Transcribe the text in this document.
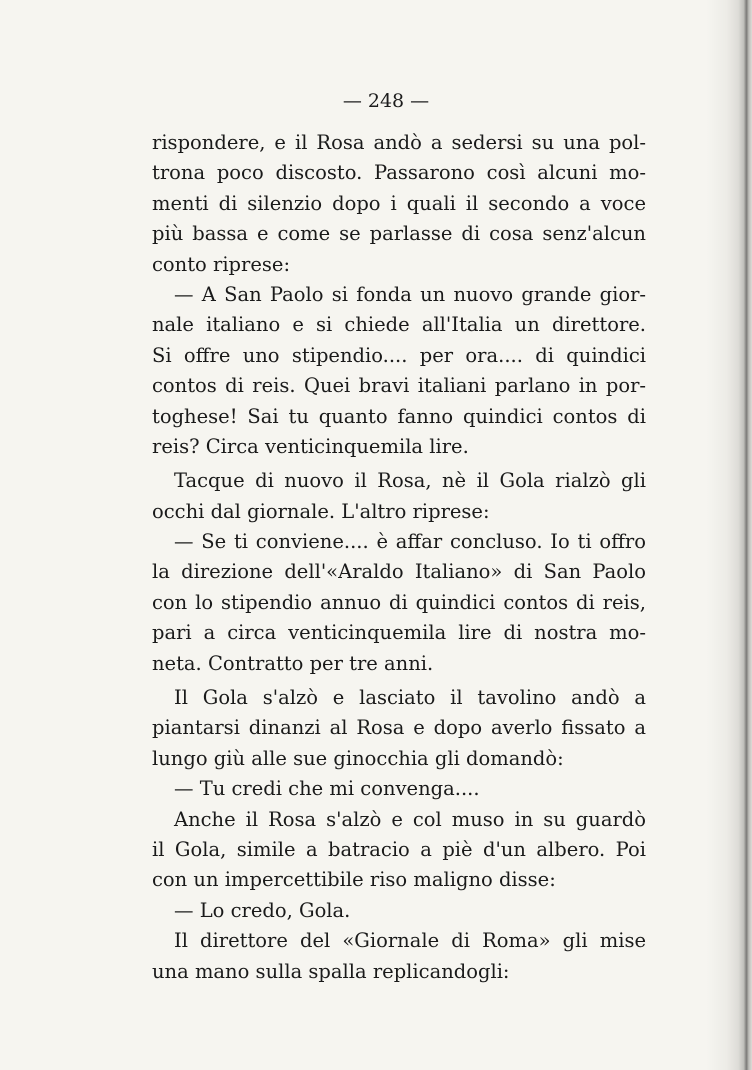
— 248 —
rispondere, e il Rosa andò a sedersi su una pol-
trona poco discosto. Passarono così alcuni mo-
menti di silenzio dopo i quali il secondo a voce
più bassa e come se parlasse di cosa senz'alcun
conto riprese:
— A San Paolo si fonda un nuovo grande gior-
nale italiano e si chiede all'Italia un direttore.
Si offre uno stipendio.... per ora.... di quindici
contos di reis. Quei bravi italiani parlano in por-
toghese! Sai tu quanto fanno quindici contos di
reis? Circa venticinquemila lire.
Tacque di nuovo il Rosa, nè il Gola rialzò gli
occhi dal giornale. L'altro riprese:
— Se ti conviene.... è affar concluso. Io ti offro
la direzione dell'«Araldo Italiano» di San Paolo
con lo stipendio annuo di quindici contos di reis,
pari a circa venticinquemila lire di nostra mo-
neta. Contratto per tre anni.
Il Gola s'alzò e lasciato il tavolino andò a
piantarsi dinanzi al Rosa e dopo averlo fissato a
lungo giù alle sue ginocchia gli domandò:
— Tu credi che mi convenga....
Anche il Rosa s'alzò e col muso in su guardò
il Gola, simile a batracio a piè d'un albero. Poi
con un impercettibile riso maligno disse:
— Lo credo, Gola.
Il direttore del «Giornale di Roma» gli mise
una mano sulla spalla replicandogli:
